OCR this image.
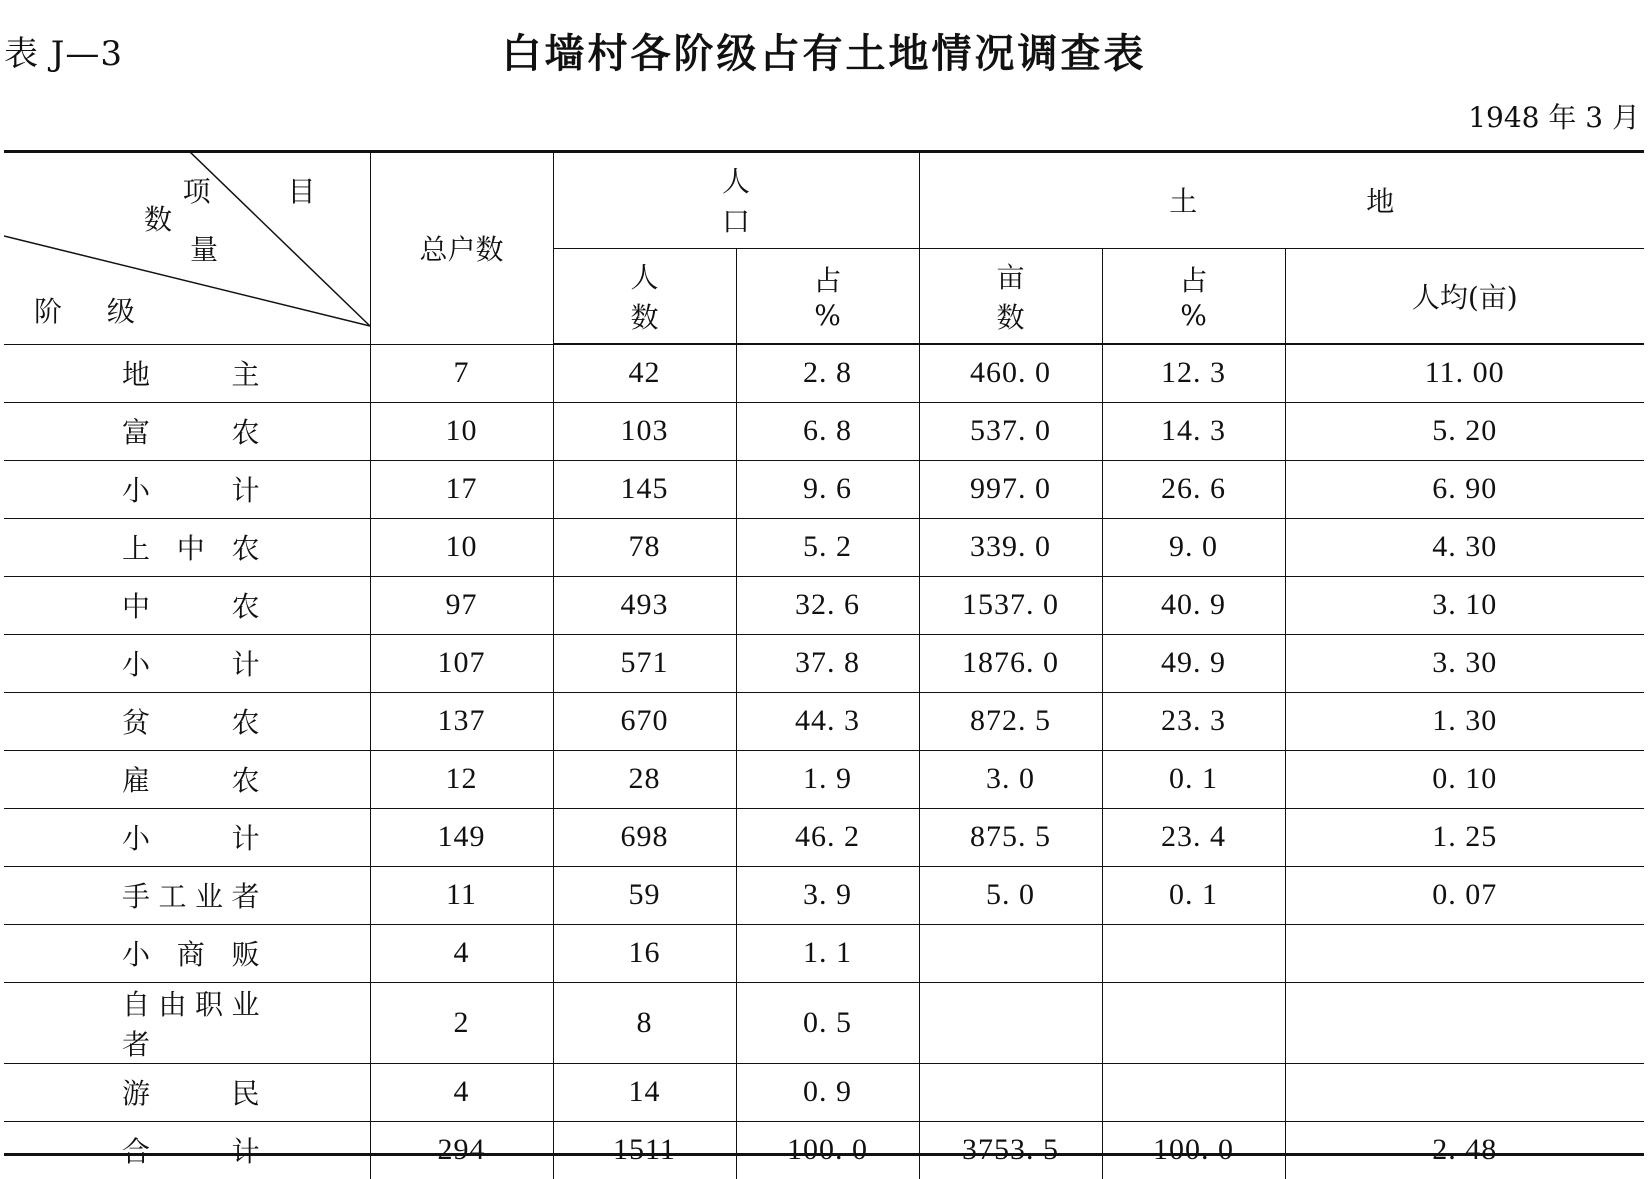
表 J—3	白墙村各阶级占有土地情况调查表
1948 年 3 月
项 目
数
量
阶 级	总户数	人 口		土 地		
		人 数	占 %	亩 数	占 %	人均(亩)
地主	7	42	2. 8	460. 0	12. 3	11. 00
富农	10	103	6. 8	537. 0	14. 3	5. 20
小计	17	145	9. 6	997. 0	26. 6	6. 90
上中农	10	78	5. 2	339. 0	9. 0	4. 30
中农	97	493	32. 6	1537. 0	40. 9	3. 10
小计	107	571	37. 8	1876. 0	49. 9	3. 30
贫农	137	670	44. 3	872. 5	23. 3	1. 30
雇农	12	28	1. 9	3. 0	0. 1	0. 10
小计	149	698	46. 2	875. 5	23. 4	1. 25
手工业者	11	59	3. 9	5. 0	0. 1	0. 07
小商贩	4	16	1. 1			
自由职业者	2	8	0. 5			
游民	4	14	0. 9			
合计	294	1511	100. 0	3753. 5	100. 0	2. 48
